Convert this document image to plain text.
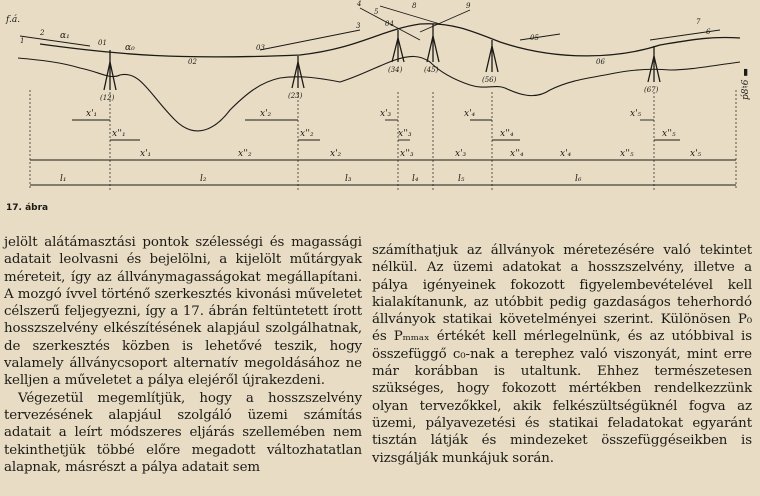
f.á.
α₁
α₀
1
2
3
4
5
6
7
8	9
01
02
03
04
05
06
(12)	(23)
(34)	(45)
(56)
(67)
x'₁	x'₂	x'₃	x'₄	x'₅
x''₁	x''₂	x''₃	x''₄	x''₅
x'₁	x''₂	x'₂	x''₃	x'₃	x''₄	x'₄	x''₅	x'₅
l₁	l₂	l₃	l₄	l₅	l₆
ṕ8♮6 ▬
17. ábra

jelölt alátámasztási pontok szélességi és magassági adatait leolvasni és bejelölni, a kijelölt műtárgyak méreteit, így az állványmagasságokat megállapítani. A mozgó ívvel történő szerkesztés kivonási műveletet célszerű feljegyezni, így a 17. ábrán feltüntetett írott hosszszelvény elkészítésének alapjául szolgálhatnak, de szerkesztés közben is lehetővé teszik, hogy valamely állványcsoport alternatív megoldásához ne kelljen a műveletet a pálya elejéről újrakezdeni.

Végezetül megemlítjük, hogy a hosszszelvény tervezésének alapjául szolgáló üzemi számítás adatait a leírt módszeres eljárás szellemében nem tekinthetjük többé előre megadott változhatatlan alapnak, másrészt a pálya adatait sem

számíthatjuk az állványok méretezésére való tekintet nélkül. Az üzemi adatokat a hosszszelvény, illetve a pálya igényeinek fokozott figyelembevételével kell kialakítanunk, az utóbbit pedig gazdaságos teherhordó állványok statikai követelményei szerint. Különösen P₀ és Pₘₘₐₓ értékét kell mérlegelnünk, és az utóbbival is összefüggő c₀-nak a terephez való viszonyát, mint erre már korábban is utaltunk. Ehhez természetesen szükséges, hogy fokozott mértékben rendelkezzünk olyan tervezőkkel, akik felkészültségüknél fogva az üzemi, pályavezetési és statikai feladatokat egyaránt tisztán látják és mindezeket összefüggéseikben is vizsgálják munkájuk során.
